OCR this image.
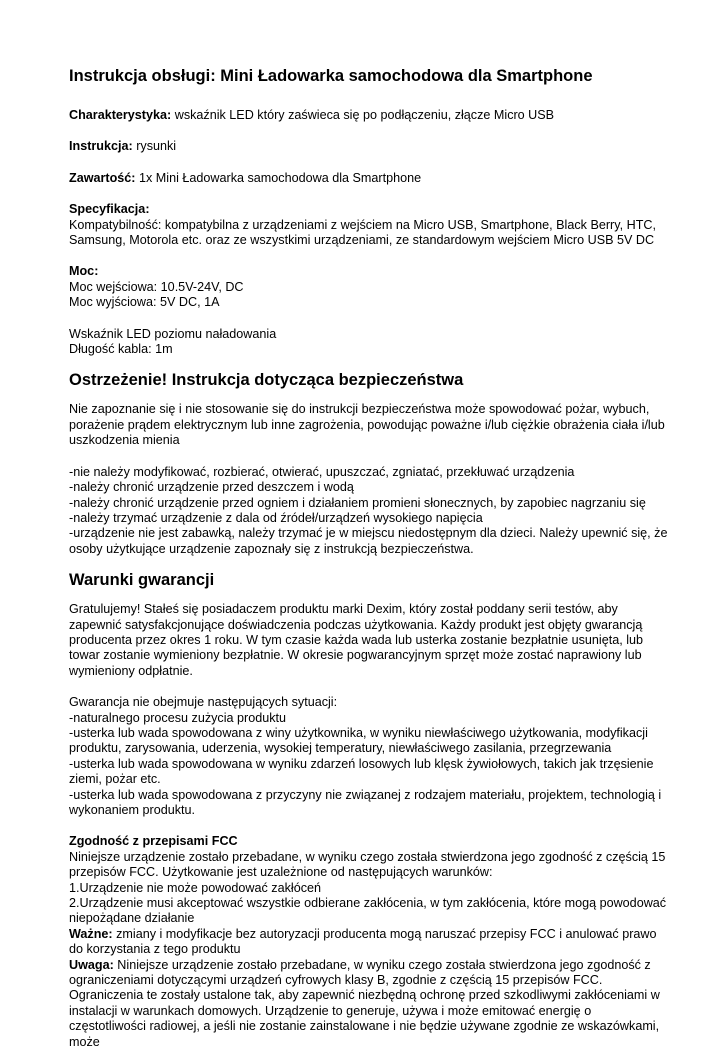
Instrukcja obsługi: Mini Ładowarka samochodowa dla Smartphone

Charakterystyka: wskaźnik LED który zaświeca się po podłączeniu, złącze Micro USB

Instrukcja: rysunki

Zawartość: 1x Mini Ładowarka samochodowa dla Smartphone

Specyfikacja:
Kompatybilność: kompatybilna z urządzeniami z wejściem na Micro USB, Smartphone, Black Berry, HTC, Samsung, Motorola etc. oraz ze wszystkimi urządzeniami, ze standardowym wejściem Micro USB 5V DC
Moc:
Moc wejściowa: 10.5V-24V, DC
Moc wyjściowa: 5V DC, 1A
Wskaźnik LED poziomu naładowania
Długość kabla: 1m
Ostrzeżenie! Instrukcja dotycząca bezpieczeństwa

Nie zapoznanie się i nie stosowanie się do instrukcji bezpieczeństwa może spowodować pożar, wybuch, porażenie prądem elektrycznym lub inne zagrożenia, powodując poważne i/lub ciężkie obrażenia ciała i/lub uszkodzenia mienia

-nie należy modyfikować, rozbierać, otwierać, upuszczać, zgniatać, przekłuwać urządzenia
-należy chronić urządzenie przed deszczem i wodą
-należy chronić urządzenie przed ogniem i działaniem promieni słonecznych, by zapobiec nagrzaniu się
-należy trzymać urządzenie z dala od źródeł/urządzeń wysokiego napięcia
-urządzenie nie jest zabawką, należy trzymać je w miejscu niedostępnym dla dzieci. Należy upewnić się, że osoby użytkujące urządzenie zapoznały się z instrukcją bezpieczeństwa.
Warunki gwarancji

Gratulujemy! Stałeś się posiadaczem produktu marki Dexim, który został poddany serii testów, aby zapewnić satysfakcjonujące doświadczenia podczas użytkowania. Każdy produkt jest objęty gwarancją producenta przez okres 1 roku. W tym czasie każda wada lub usterka zostanie bezpłatnie usunięta, lub towar zostanie wymieniony bezpłatnie. W okresie pogwarancyjnym sprzęt może zostać naprawiony lub wymieniony odpłatnie.

Gwarancja nie obejmuje następujących sytuacji:
-naturalnego procesu zużycia produktu
-usterka lub wada spowodowana z winy użytkownika, w wyniku niewłaściwego użytkowania, modyfikacji produktu, zarysowania, uderzenia, wysokiej temperatury, niewłaściwego zasilania, przegrzewania
-usterka lub wada spowodowana w wyniku zdarzeń losowych lub klęsk żywiołowych, takich jak trzęsienie ziemi, pożar etc.
-usterka lub wada spowodowana z przyczyny nie związanej z rodzajem materiału, projektem, technologią i wykonaniem produktu.
Zgodność z przepisami FCC
Niniejsze urządzenie zostało przebadane, w wyniku czego została stwierdzona jego zgodność z częścią 15 przepisów FCC. Użytkowanie jest uzależnione od następujących warunków:
1.Urządzenie nie może powodować zakłóceń
2.Urządzenie musi akceptować wszystkie odbierane zakłócenia, w tym zakłócenia, które mogą powodować niepożądane działanie
Ważne: zmiany i modyfikacje bez autoryzacji producenta mogą naruszać przepisy FCC i anulować prawo do korzystania z tego produktu
Uwaga: Niniejsze urządzenie zostało przebadane, w wyniku czego została stwierdzona jego zgodność z ograniczeniami dotyczącymi urządzeń cyfrowych klasy B, zgodnie z częścią 15 przepisów FCC. Ograniczenia te zostały ustalone tak, aby zapewnić niezbędną ochronę przed szkodliwymi zakłóceniami w instalacji w warunkach domowych. Urządzenie to generuje, używa i może emitować energię o częstotliwości radiowej, a jeśli nie zostanie zainstalowane i nie będzie używane zgodnie ze wskazówkami, może
